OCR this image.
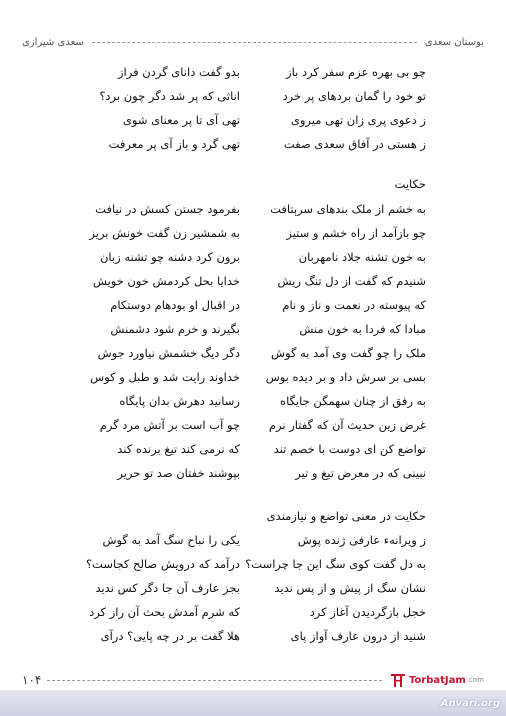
بوستان سعدی
سعدی شیرازی
چو بی بهره عزم سفر کرد باز
بدو گفت دانای گردن فراز
تو خود را گمان بردهای پر خرد
اناثی که پر شد دگر چون برد؟
ز دعوی پری زان تهی میروی
تهی آی تا پر معنای شوی
ز هستی در آفاق سعدی صفت
تهی گرد و باز آی پر معرفت
حکایت
به خشم از ملک بندهای سرېتافت
بفرمود جستن کسش در نیافت
چو بازآمد از راه خشم و ستیز
به شمشیر زن گفت خونش بریز
به خون تشنه جلاد نامهربان
برون کرد دشنه چو تشنه زبان
شنیدم که گفت از دل تنگ ریش
خدایا بحل کردمش خون خویش
که پیوسته در نعمت و ناز و نام
در اقبال او بودهام دوستکام
مبادا که فردا به خون منش
بگیرند و خرم شود دشمنش
ملک را چو گفت وی آمد به گوش
دگر دیگ خشمش نیاورد جوش
بسی بر سرش داد و بر دیده بوس
خداوند رایت شد و طبل و کوس
به رفق از چنان سهمگن جایگاه
رسانید دهرش بدان پایگاه
غرض زین حدیث آن که گفتار نرم
چو آب است بر آتش مرد گرم
تواضع کن ای دوست با خصم تند
که نرمی کند تیغ برنده کند
نبینی که در معرض تیغ و تیر
بپوشند خفتان صد تو حریر
حکایت در معنی تواضع و نیازمندی
ز ویرانهء عارفی ژنده پوش
یکی را نباح سگ آمد به گوش
به دل گفت کوی سگ این جا چراست؟
درآمد که درویش صالح کجاست؟
نشان سگ از پیش و از پس ندید
بجز عارف آن جا دگر کس ندید
خجل بازگردیدن آغاز کرد
که شرم آمدش بحث آن راز کرد
شنید از درون عارف آواز پای
هلا گفت بر در چه پایی؟ درآی
۱۰۴	TorbatJam .com
Anvari.org
